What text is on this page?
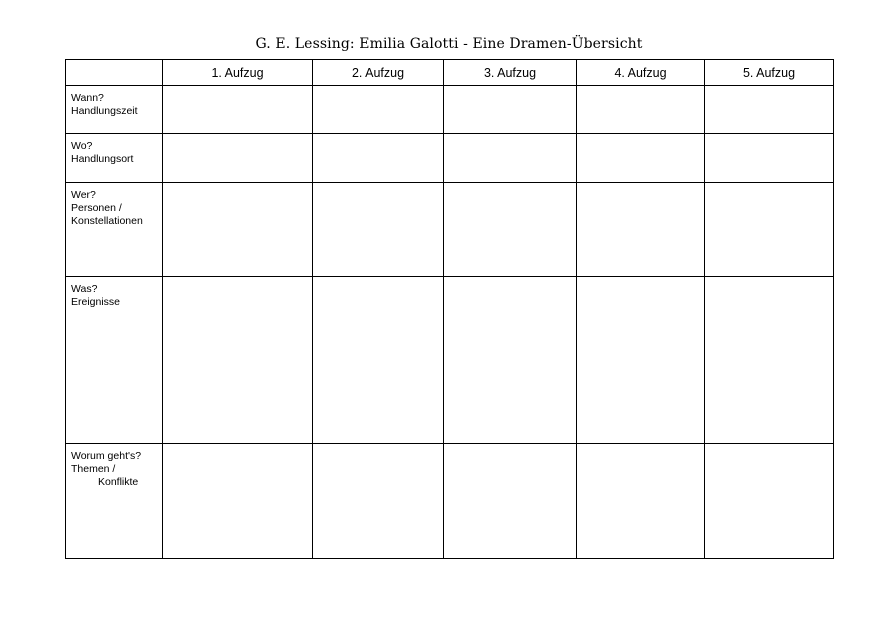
G. E. Lessing: Emilia Galotti - Eine Dramen-Übersicht
	1. Aufzug	2. Aufzug	3. Aufzug	4. Aufzug	5. Aufzug

Wann?
Handlungszeit					

Wo?
Handlungsort					

Wer?
Personen /
Konstellationen					

Was?
Ereignisse					

Worum geht's?
Themen /
Konflikte					
